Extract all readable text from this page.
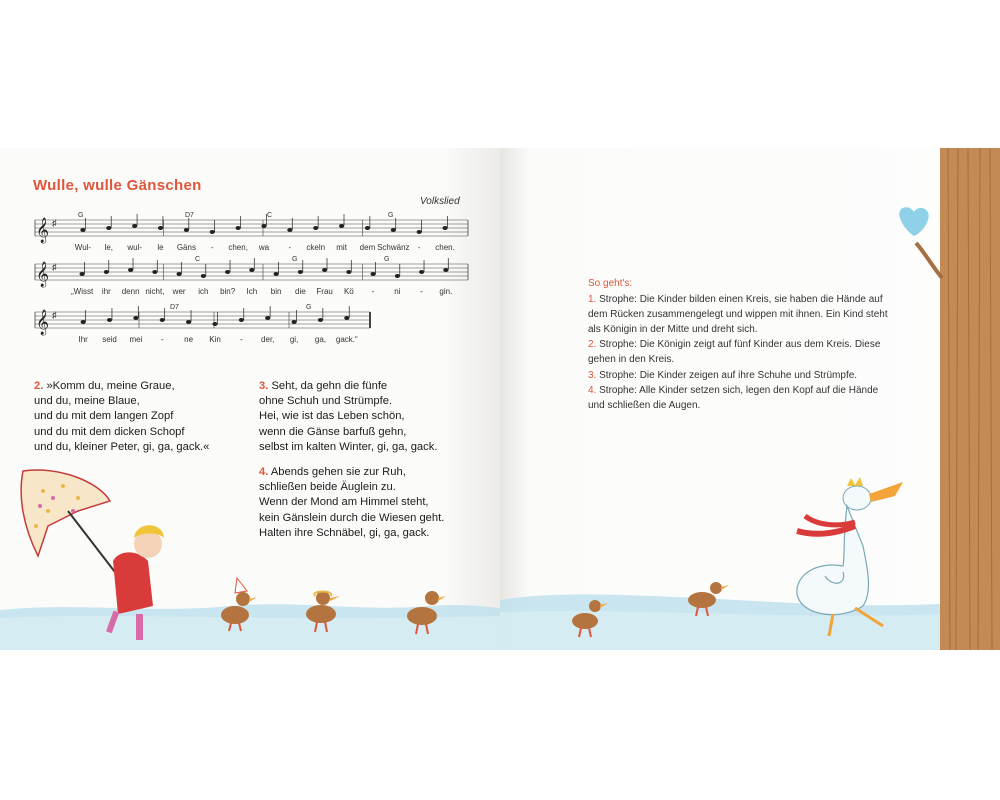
Wulle, wulle Gänschen
Volkslied
𝄞 ♯
Wul- le, wul- le Gäns - chen, wa - ckeln mit dem Schwänz - chen.
G	D7	C	G
𝄞 ♯
„Wisst ihr denn nicht, wer ich bin? Ich bin die Frau Kö - ni - gin.
C	G	G
𝄞 ♯
Ihr seid mei -	ne Kin - der, gi, ga, gack.“
D7	G
2. »Komm du, meine Graue,
und du, meine Blaue,
und du mit dem langen Zopf
und du mit dem dicken Schopf
und du, kleiner Peter, gi, ga, gack.«
3. Seht, da gehn die fünfe
ohne Schuh und Strümpfe.
Hei, wie ist das Leben schön,
wenn die Gänse barfuß gehn,
selbst im kalten Winter, gi, ga, gack.
4. Abends gehen sie zur Ruh,
schließen beide Äuglein zu.
Wenn der Mond am Himmel steht,
kein Gänslein durch die Wiesen geht.
Halten ihre Schnäbel, gi, ga, gack.
So geht's:
1. Strophe: Die Kinder bilden einen Kreis, sie haben die Hände auf dem Rücken zusammengelegt und wippen mit ihnen. Ein Kind steht als Königin in der Mitte und dreht sich.
2. Strophe: Die Königin zeigt auf fünf Kinder aus dem Kreis. Diese gehen in den Kreis.
3. Strophe: Die Kinder zeigen auf ihre Schuhe und Strümpfe.
4. Strophe: Alle Kinder setzen sich, legen den Kopf auf die Hände und schließen die Augen.
